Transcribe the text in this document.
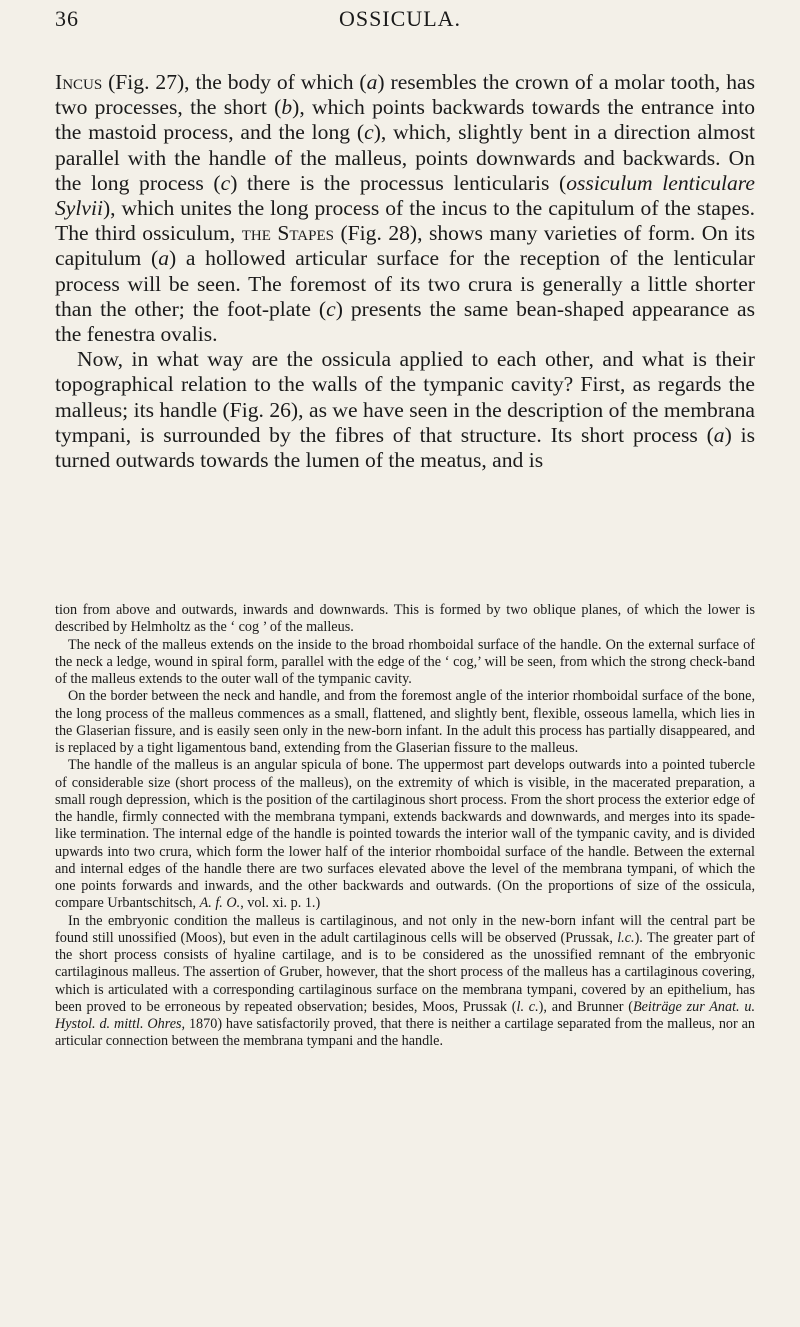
36	OSSICULA.

Incus (Fig. 27), the body of which (a) resembles the crown of a molar tooth, has two processes, the short (b), which points backwards towards the entrance into the mastoid process, and the long (c), which, slightly bent in a direction almost parallel with the handle of the malleus, points downwards and backwards. On the long process (c) there is the processus lenticularis (ossiculum lenticulare Sylvii), which unites the long process of the incus to the capitulum of the stapes. The third ossiculum, the Stapes (Fig. 28), shows many varieties of form. On its capitulum (a) a hollowed articular surface for the reception of the lenticular process will be seen. The foremost of its two crura is generally a little shorter than the other; the foot-plate (c) presents the same bean-shaped appearance as the fenestra ovalis.

Now, in what way are the ossicula applied to each other, and what is their topographical relation to the walls of the tympanic cavity? First, as regards the malleus; its handle (Fig. 26), as we have seen in the description of the membrana tympani, is surrounded by the fibres of that structure. Its short process (a) is turned outwards towards the lumen of the meatus, and is

tion from above and outwards, inwards and downwards. This is formed by two oblique planes, of which the lower is described by Helmholtz as the ‘ cog ’ of the malleus.

The neck of the malleus extends on the inside to the broad rhomboidal surface of the handle. On the external surface of the neck a ledge, wound in spiral form, parallel with the edge of the ‘ cog,’ will be seen, from which the strong check-band of the malleus extends to the outer wall of the tympanic cavity.

On the border between the neck and handle, and from the foremost angle of the interior rhomboidal surface of the bone, the long process of the malleus commences as a small, flattened, and slightly bent, flexible, osseous lamella, which lies in the Glaserian fissure, and is easily seen only in the new-born infant. In the adult this process has partially disappeared, and is replaced by a tight ligamentous band, extending from the Glaserian fissure to the malleus.

The handle of the malleus is an angular spicula of bone. The uppermost part develops outwards into a pointed tubercle of considerable size (short process of the malleus), on the extremity of which is visible, in the macerated preparation, a small rough depression, which is the position of the cartilaginous short process. From the short process the exterior edge of the handle, firmly connected with the membrana tympani, extends backwards and downwards, and merges into its spade-like termination. The internal edge of the handle is pointed towards the interior wall of the tympanic cavity, and is divided upwards into two crura, which form the lower half of the interior rhomboidal surface of the handle. Between the external and internal edges of the handle there are two surfaces elevated above the level of the membrana tympani, of which the one points forwards and inwards, and the other backwards and outwards. (On the proportions of size of the ossicula, compare Urbantschitsch, A. f. O., vol. xi. p. 1.)

In the embryonic condition the malleus is cartilaginous, and not only in the new-born infant will the central part be found still unossified (Moos), but even in the adult cartilaginous cells will be observed (Prussak, l.c.). The greater part of the short process consists of hyaline cartilage, and is to be considered as the unossified remnant of the embryonic cartilaginous malleus. The assertion of Gruber, however, that the short process of the malleus has a cartilaginous covering, which is articulated with a corresponding cartilaginous surface on the membrana tympani, covered by an epithelium, has been proved to be erroneous by repeated observation; besides, Moos, Prussak (l. c.), and Brunner (Beiträge zur Anat. u. Hystol. d. mittl. Ohres, 1870) have satisfactorily proved, that there is neither a cartilage separated from the malleus, nor an articular connection between the membrana tympani and the handle.
